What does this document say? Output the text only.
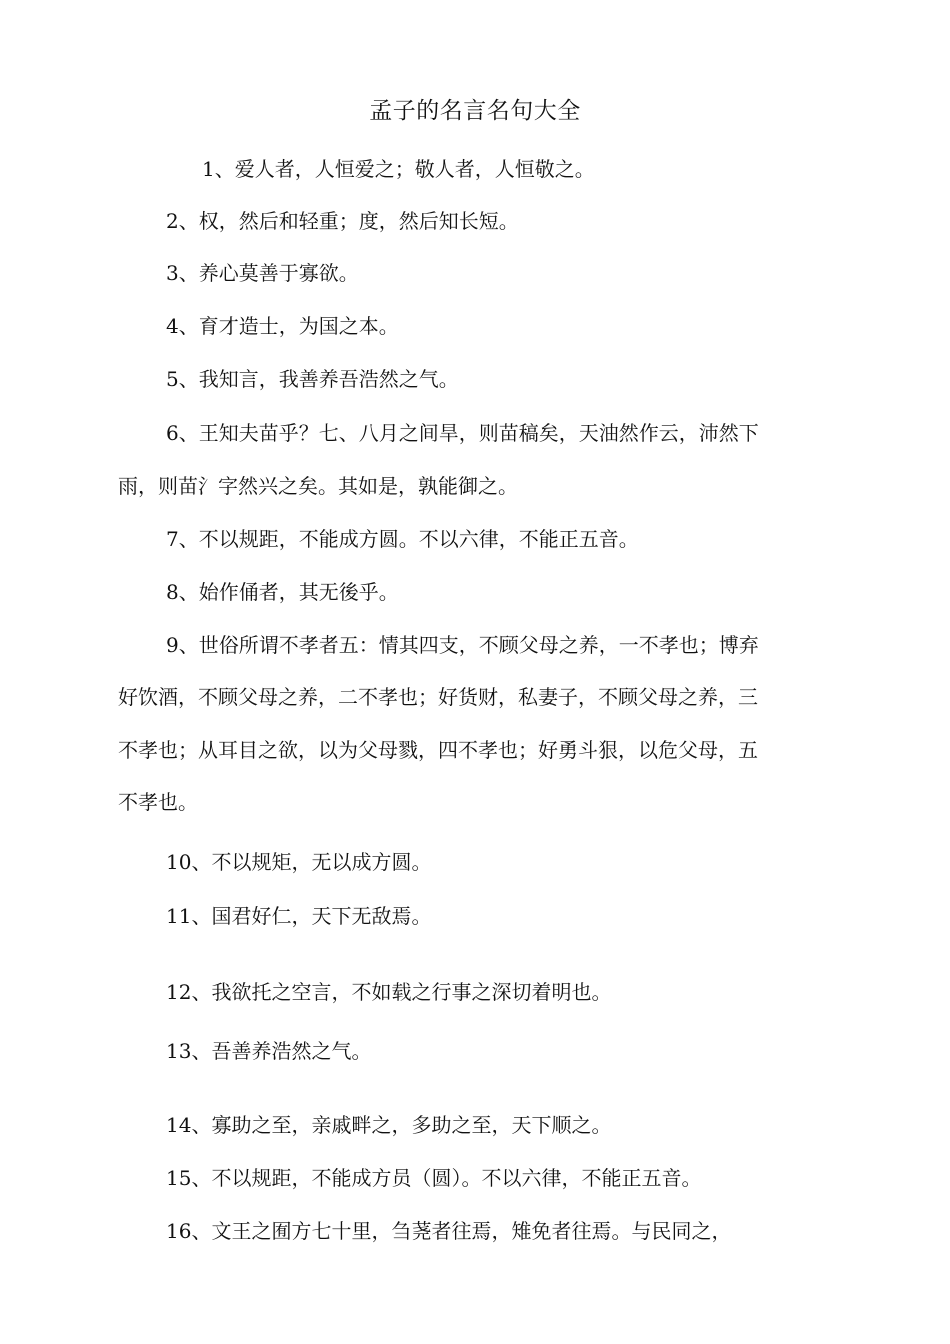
孟子的名言名句大全
1、爱人者，人恒爱之；敬人者，人恒敬之。
2、权，然后和轻重；度，然后知长短。
3、养心莫善于寡欲。
4、育才造士，为国之本。
5、我知言，我善养吾浩然之气。
6、王知夫苗乎？七、八月之间旱，则苗稿矣，天油然作云，沛然下
雨，则苗氵字然兴之矣。其如是，孰能御之。
7、不以规距，不能成方圆。不以六律，不能正五音。
8、始作俑者，其无後乎。
9、世俗所谓不孝者五：情其四支，不顾父母之养，一不孝也；博弃
好饮酒，不顾父母之养，二不孝也；好货财，私妻子，不顾父母之养，三
不孝也；从耳目之欲，以为父母戮，四不孝也；好勇斗狠，以危父母，五
不孝也。
10、不以规矩，无以成方圆。
11、国君好仁，天下无敌焉。
12、我欲托之空言，不如载之行事之深切着明也。
13、吾善养浩然之气。
14、寡助之至，亲戚畔之，多助之至，天下顺之。
15、不以规距，不能成方员（圆）。不以六律，不能正五音。
16、文王之囿方七十里，刍荛者往焉，雉免者往焉。与民同之，
